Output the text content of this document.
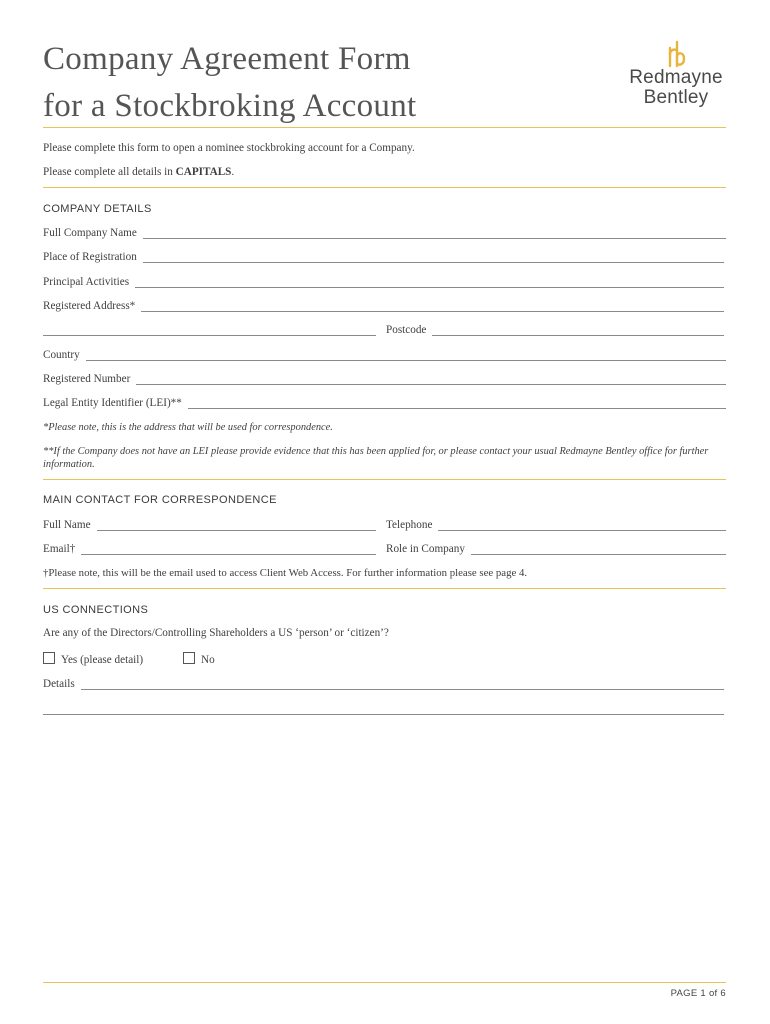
Company Agreement Form
for a Stockbroking Account
Redmayne
Bentley
Please complete this form to open a nominee stockbroking account for a Company.
Please complete all details in CAPITALS.
COMPANY DETAILS
Full Company Name
Place of Registration
Principal Activities
Registered Address*
Postcode
Country
Registered Number
Legal Entity Identifier (LEI)**
*Please note, this is the address that will be used for correspondence.
**If the Company does not have an LEI please provide evidence that this has been applied for, or please contact your usual Redmayne Bentley office for further information.
MAIN CONTACT FOR CORRESPONDENCE
Full Name	Telephone
Email†	Role in Company
†Please note, this will be the email used to access Client Web Access. For further information please see page 4.
US CONNECTIONS
Are any of the Directors/Controlling Shareholders a US ‘person’ or ‘citizen’?
Yes (please detail)	No
Details
PAGE 1 of 6
